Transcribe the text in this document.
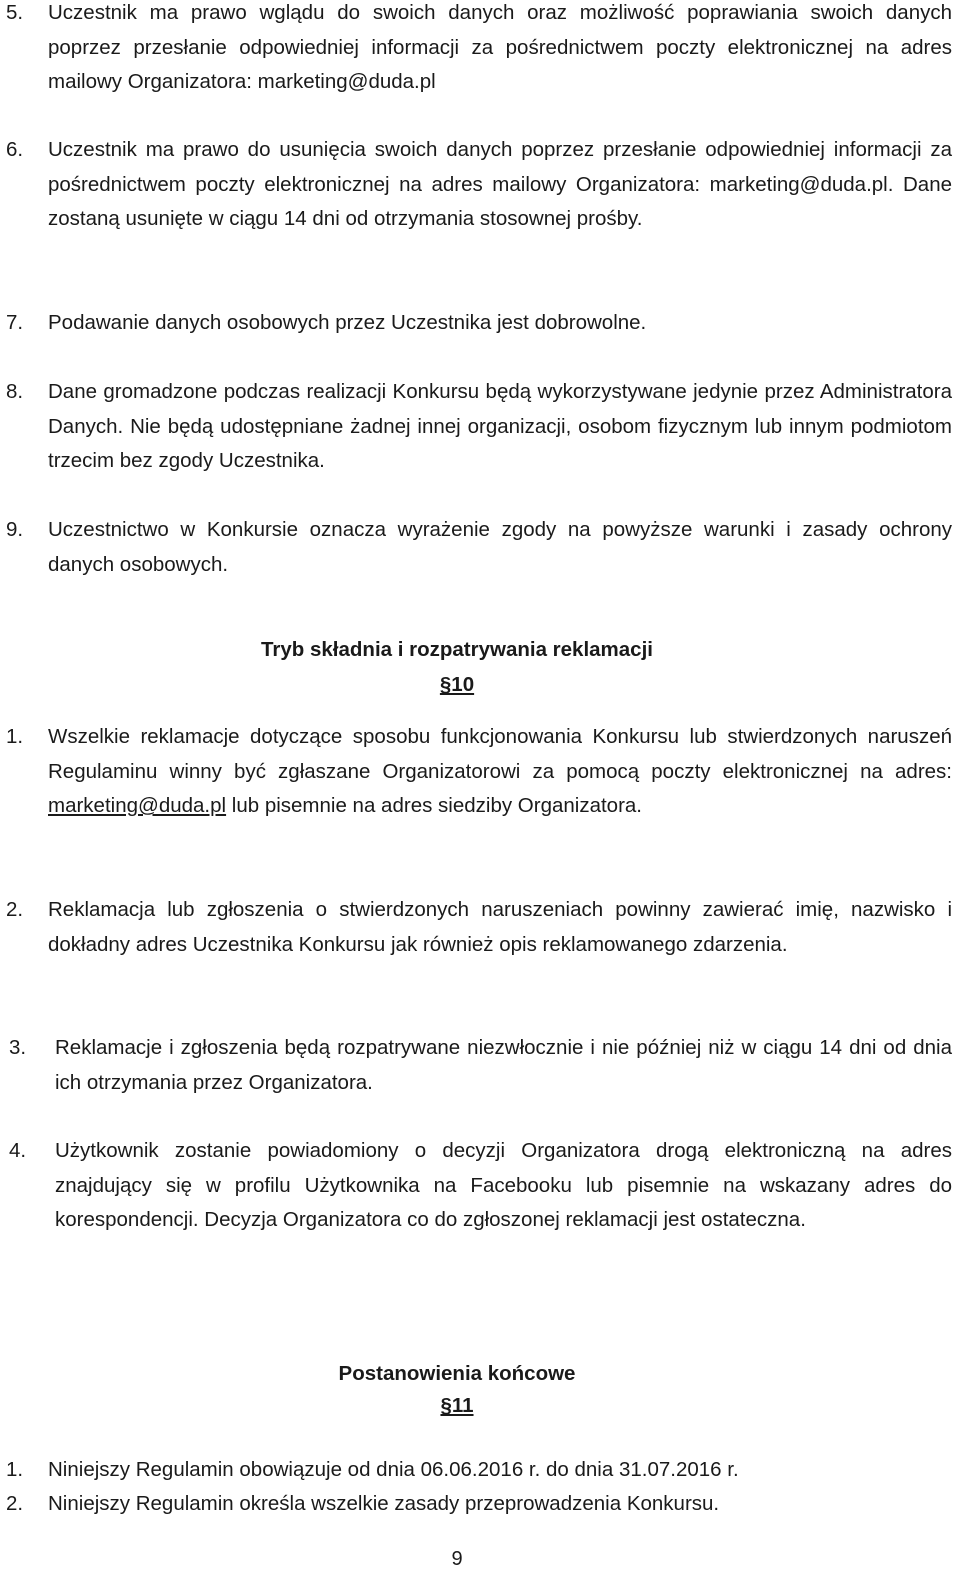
5. Uczestnik ma prawo wglądu do swoich danych oraz możliwość poprawiania swoich danych poprzez przesłanie odpowiedniej informacji za pośrednictwem poczty elektronicznej na adres mailowy Organizatora: marketing@duda.pl
6. Uczestnik ma prawo do usunięcia swoich danych poprzez przesłanie odpowiedniej informacji za pośrednictwem poczty elektronicznej na adres mailowy Organizatora: marketing@duda.pl. Dane zostaną usunięte w ciągu 14 dni od otrzymania stosownej prośby.
7. Podawanie danych osobowych przez Uczestnika jest dobrowolne.
8. Dane gromadzone podczas realizacji Konkursu będą wykorzystywane jedynie przez Administratora Danych. Nie będą udostępniane żadnej innej organizacji, osobom fizycznym lub innym podmiotom trzecim bez zgody Uczestnika.
9. Uczestnictwo w Konkursie oznacza wyrażenie zgody na powyższe warunki i zasady ochrony danych osobowych.
Tryb składnia i rozpatrywania reklamacji
§10
1. Wszelkie reklamacje dotyczące sposobu funkcjonowania Konkursu lub stwierdzonych naruszeń Regulaminu winny być zgłaszane Organizatorowi za pomocą poczty elektronicznej na adres: marketing@duda.pl lub pisemnie na adres siedziby Organizatora.
2. Reklamacja lub zgłoszenia o stwierdzonych naruszeniach powinny zawierać imię, nazwisko i dokładny adres Uczestnika Konkursu jak również opis reklamowanego zdarzenia.
3. Reklamacje i zgłoszenia będą rozpatrywane niezwłocznie i nie później niż w ciągu 14 dni od dnia ich otrzymania przez Organizatora.
4. Użytkownik zostanie powiadomiony o decyzji Organizatora drogą elektroniczną na adres znajdujący się w profilu Użytkownika na Facebooku lub pisemnie na wskazany adres do korespondencji. Decyzja Organizatora co do zgłoszonej reklamacji jest ostateczna.
Postanowienia końcowe
§11
1. Niniejszy Regulamin obowiązuje od dnia 06.06.2016 r. do dnia 31.07.2016 r.
2. Niniejszy Regulamin określa wszelkie zasady przeprowadzenia Konkursu.
9
